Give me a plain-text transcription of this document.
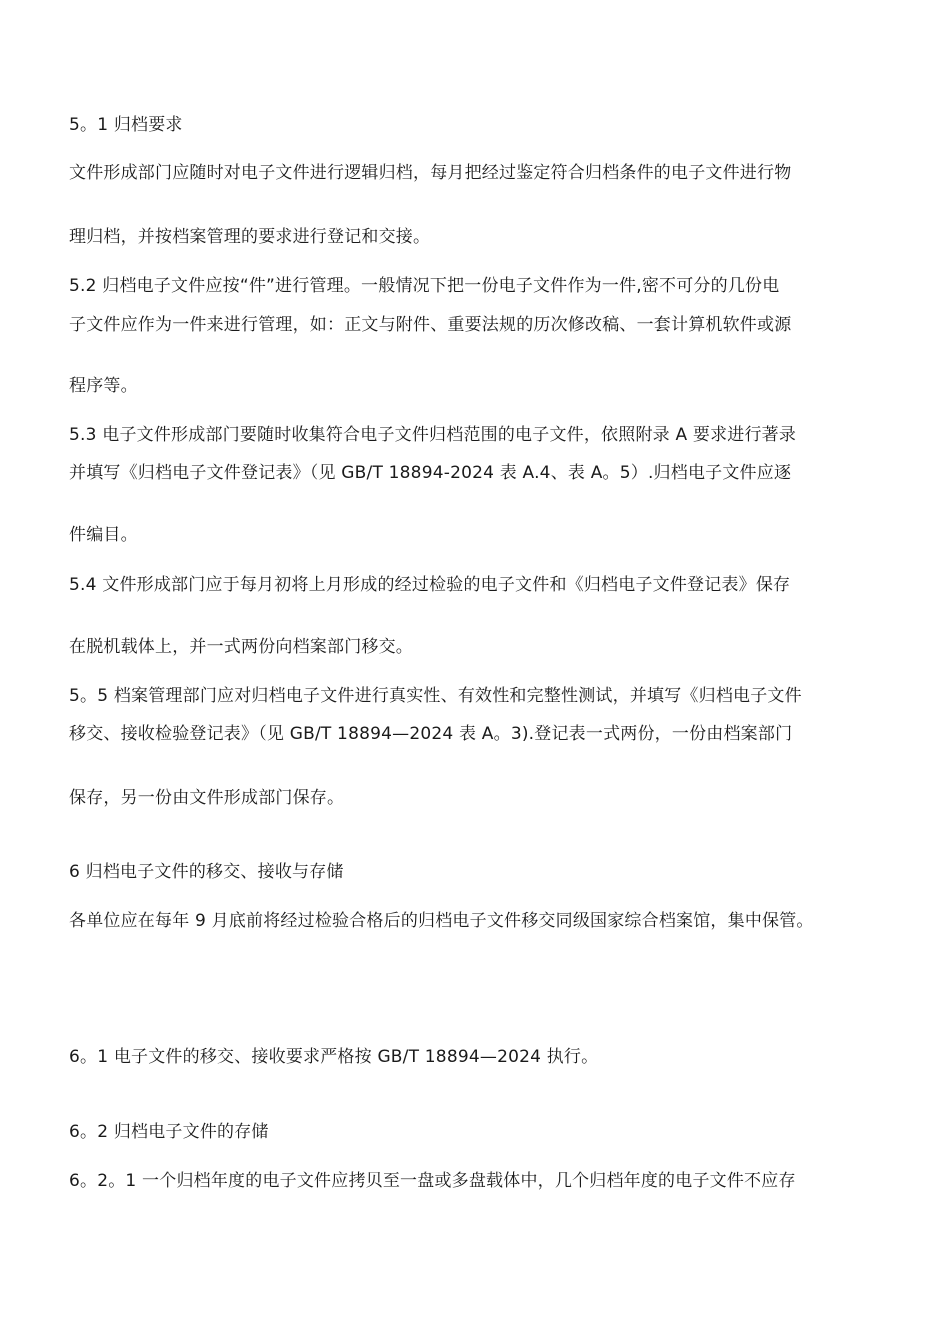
5。1 归档要求
文件形成部门应随时对电子文件进行逻辑归档，每月把经过鉴定符合归档条件的电子文件进行物
理归档，并按档案管理的要求进行登记和交接。
5.2 归档电子文件应按“件”进行管理。一般情况下把一份电子文件作为一件,密不可分的几份电
子文件应作为一件来进行管理，如：正文与附件、重要法规的历次修改稿、一套计算机软件或源
程序等。
5.3 电子文件形成部门要随时收集符合电子文件归档范围的电子文件，依照附录 A 要求进行著录
并填写《归档电子文件登记表》（见 GB/T 18894-2024 表 A.4、表 A。5）.归档电子文件应逐
件编目。
5.4 文件形成部门应于每月初将上月形成的经过检验的电子文件和《归档电子文件登记表》保存
在脱机载体上，并一式两份向档案部门移交。
5。5 档案管理部门应对归档电子文件进行真实性、有效性和完整性测试，并填写《归档电子文件
移交、接收检验登记表》（见 GB/T 18894—2024 表 A。3).登记表一式两份，一份由档案部门
保存，另一份由文件形成部门保存。
6 归档电子文件的移交、接收与存储
各单位应在每年 9 月底前将经过检验合格后的归档电子文件移交同级国家综合档案馆，集中保管。
6。1 电子文件的移交、接收要求严格按 GB/T 18894—2024 执行。
6。2 归档电子文件的存储
6。2。1 一个归档年度的电子文件应拷贝至一盘或多盘载体中，几个归档年度的电子文件不应存
